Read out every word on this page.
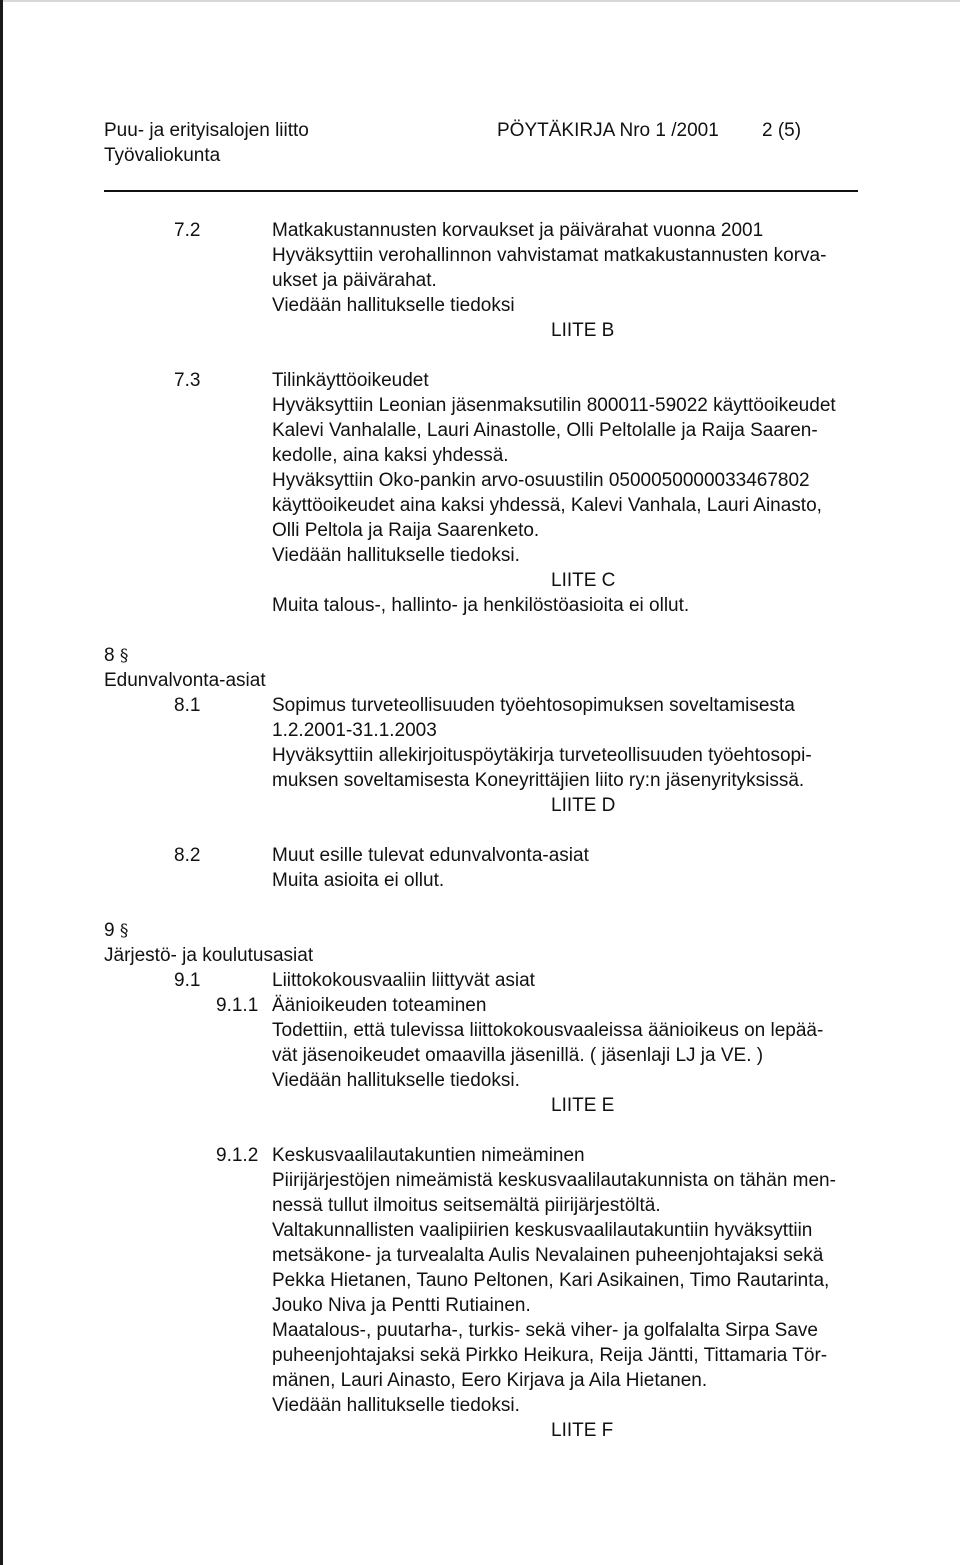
Puu- ja erityisalojen liitto
Työvaliokunta
PÖYTÄKIRJA Nro 1 /2001 2 (5)
7.2	Matkakustannusten korvaukset ja päivärahat vuonna 2001
Hyväksyttiin verohallinnon vahvistamat matkakustannusten korva-
ukset ja päivärahat.
Viedään hallitukselle tiedoksi
LIITE B
7.3	Tilinkäyttöoikeudet
Hyväksyttiin Leonian jäsenmaksutilin 800011-59022 käyttöoikeudet
Kalevi Vanhalalle, Lauri Ainastolle, Olli Peltolalle ja Raija Saaren-
kedolle, aina kaksi yhdessä.
Hyväksyttiin Oko-pankin arvo-osuustilin 0500050000033467802
käyttöoikeudet aina kaksi yhdessä, Kalevi Vanhala, Lauri Ainasto,
Olli Peltola ja Raija Saarenketo.
Viedään hallitukselle tiedoksi.
LIITE C
Muita talous-, hallinto- ja henkilöstöasioita ei ollut.
8 §
Edunvalvonta-asiat
8.1	Sopimus turveteollisuuden työehtosopimuksen soveltamisesta
1.2.2001-31.1.2003
Hyväksyttiin allekirjoituspöytäkirja turveteollisuuden työehtosopi-
muksen soveltamisesta Koneyrittäjien liito ry:n jäsenyrityksissä.
LIITE D
8.2	Muut esille tulevat edunvalvonta-asiat
Muita asioita ei ollut.
9 §
Järjestö- ja koulutusasiat
9.1	Liittokokousvaaliin liittyvät asiat
9.1.1 Äänioikeuden toteaminen
Todettiin, että tulevissa liittokokousvaaleissa äänioikeus on lepää-
vät jäsenoikeudet omaavilla jäsenillä. ( jäsenlaji LJ ja VE. )
Viedään hallitukselle tiedoksi.
LIITE E
9.1.2 Keskusvaalilautakuntien nimeäminen
Piirijärjestöjen nimeämistä keskusvaalilautakunnista on tähän men-
nessä tullut ilmoitus seitsemältä piirijärjestöltä.
Valtakunnallisten vaalipiirien keskusvaalilautakuntiin hyväksyttiin
metsäkone- ja turvealalta Aulis Nevalainen puheenjohtajaksi sekä
Pekka Hietanen, Tauno Peltonen, Kari Asikainen, Timo Rautarinta,
Jouko Niva ja Pentti Rutiainen.
Maatalous-, puutarha-, turkis- sekä viher- ja golfalalta Sirpa Save
puheenjohtajaksi sekä Pirkko Heikura, Reija Jäntti, Tittamaria Tör-
mänen, Lauri Ainasto, Eero Kirjava ja Aila Hietanen.
Viedään hallitukselle tiedoksi.
LIITE F
